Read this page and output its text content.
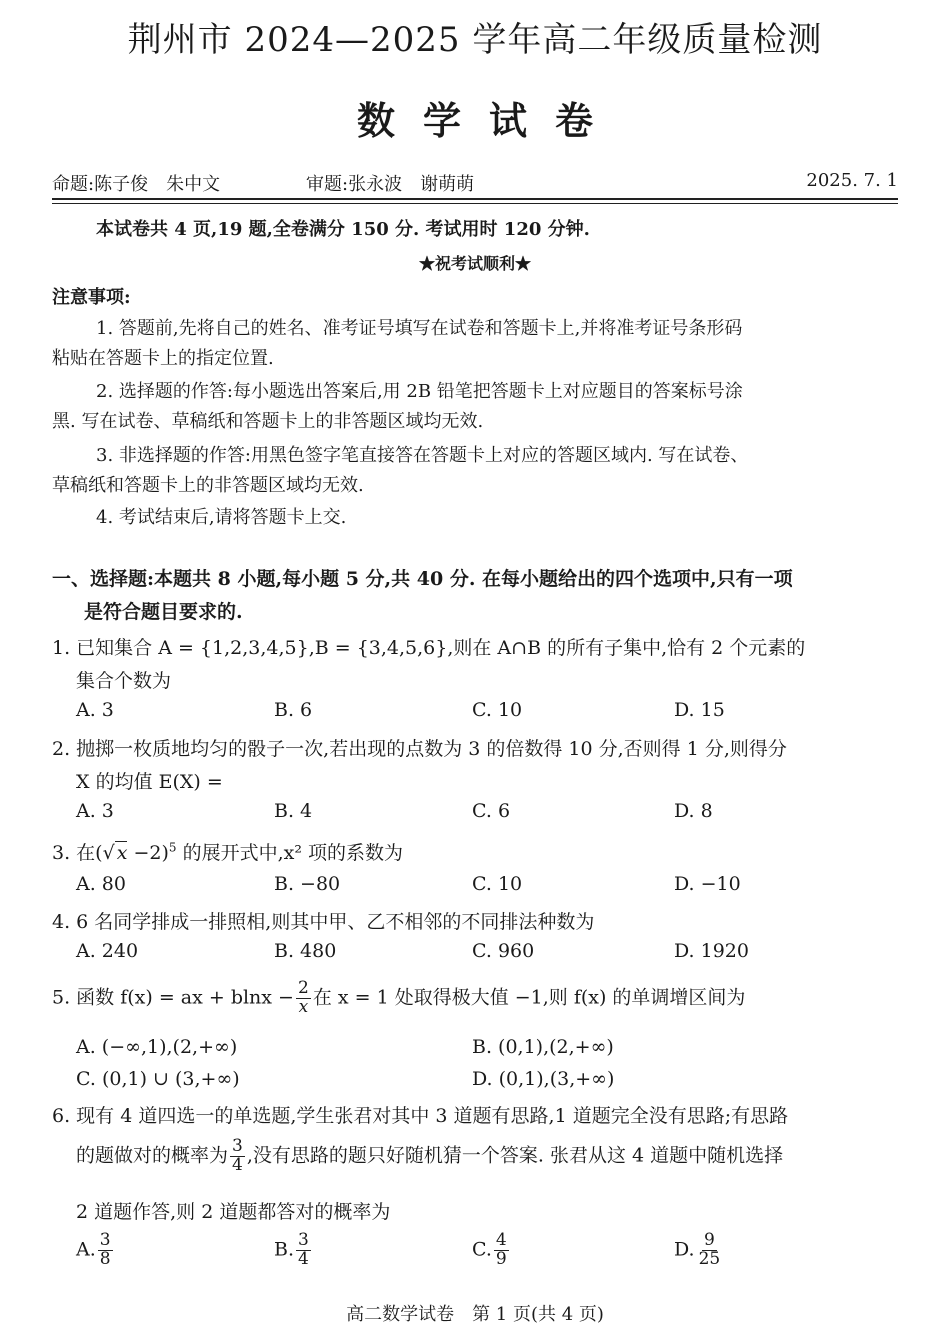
荆州市 2024—2025 学年高二年级质量检测
数学试卷
命题:陈子俊　朱中文	审题:张永波　谢萌萌	2025. 7. 1
本试卷共 4 页,19 题,全卷满分 150 分. 考试用时 120 分钟.
★祝考试顺利★
注意事项:
1. 答题前,先将自己的姓名、准考证号填写在试卷和答题卡上,并将准考证号条形码
粘贴在答题卡上的指定位置.
2. 选择题的作答:每小题选出答案后,用 2B 铅笔把答题卡上对应题目的答案标号涂
黑. 写在试卷、草稿纸和答题卡上的非答题区域均无效.
3. 非选择题的作答:用黑色签字笔直接答在答题卡上对应的答题区域内. 写在试卷、
草稿纸和答题卡上的非答题区域均无效.
4. 考试结束后,请将答题卡上交.
一、选择题:本题共 8 小题,每小题 5 分,共 40 分. 在每小题给出的四个选项中,只有一项
是符合题目要求的.
1. 已知集合 A = {1,2,3,4,5},B = {3,4,5,6},则在 A∩B 的所有子集中,恰有 2 个元素的
集合个数为
A. 3	B. 6	C. 10	D. 15
2. 抛掷一枚质地均匀的骰子一次,若出现的点数为 3 的倍数得 10 分,否则得 1 分,则得分
X 的均值 E(X) =
A. 3	B. 4	C. 6	D. 8
3. 在(√ x −2)$^5$ 的展开式中,x² 项的系数为
A. 80	B. −80	C. 10	D. −10
4. 6 名同学排成一排照相,则其中甲、乙不相邻的不同排法种数为
A. 240	B. 480	C. 960	D. 1920
5. 函数 f(x) = ax + $blnx - \frac{2}{x}$ 在 x = 1 处取得极大值 −1,则 f(x) 的单调增区间为
A. (−∞,1),(2,+∞)	B. (0,1),(2,+∞)
C. (0,1) ∪ (3,+∞)	D. (0,1),(3,+∞)
6. 现有 4 道四选一的单选题,学生张君对其中 3 道题有思路,1 道题完全没有思路;有思路
的题做对的概率为 $\frac{3}{4}$ ,没有思路的题只好随机猜一个答案. 张君从这 4 道题中随机选择
2 道题作答,则 2 道题都答对的概率为
A. $\frac{3}{8}$	B. $\frac{3}{4}$	C. $\frac{4}{9}$	D. $\frac{9}{25}$
高二数学试卷　第 1 页(共 4 页)
